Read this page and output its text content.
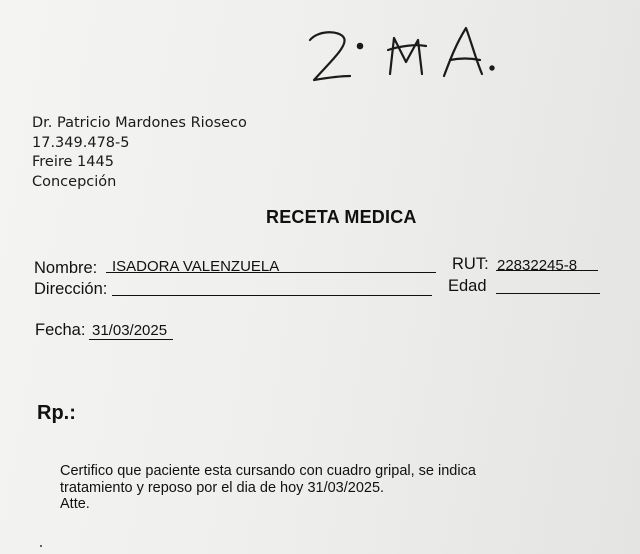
Dr. Patricio Mardones Rioseco
17.349.478-5
Freire 1445
Concepción
RECETA MEDICA
Nombre: ISADORA VALENZUELA	RUT: 22832245-8
Dirección:	Edad
Fecha: 31/03/2025
Rp.:
Certifico que paciente esta cursando con cuadro gripal, se indica
tratamiento y reposo por el dia de hoy 31/03/2025.
Atte.
